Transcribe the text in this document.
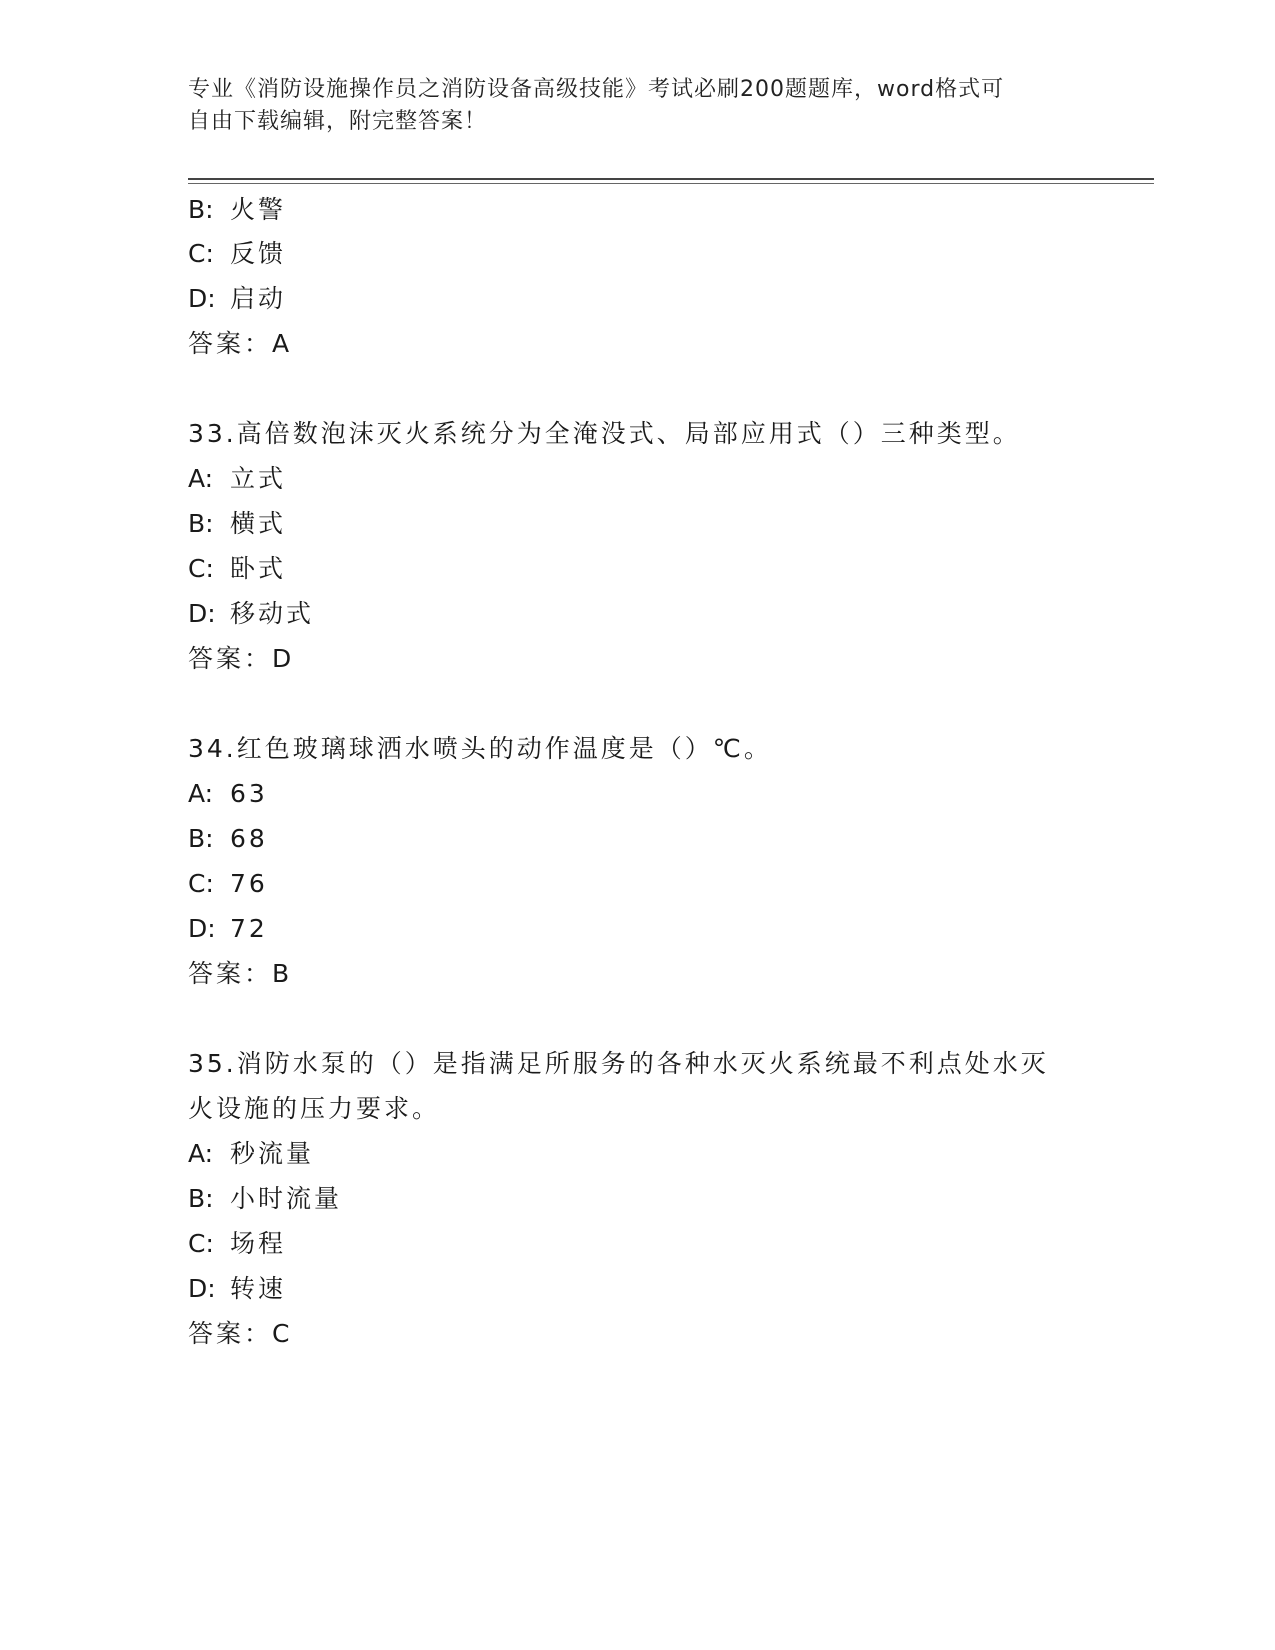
专业《消防设施操作员之消防设备高级技能》考试必刷200题题库，word格式可
自由下载编辑，附完整答案！
B: 火警
C: 反馈
D: 启动
答案：A
33.高倍数泡沫灭火系统分为全淹没式、局部应用式（）三种类型。
A: 立式
B: 横式
C: 卧式
D: 移动式
答案：D
34.红色玻璃球洒水喷头的动作温度是（）℃。
A: 63
B: 68
C: 76
D: 72
答案：B
35.消防水泵的（）是指满足所服务的各种水灭火系统最不利点处水灭
火设施的压力要求。
A: 秒流量
B: 小时流量
C: 场程
D: 转速
答案：C
